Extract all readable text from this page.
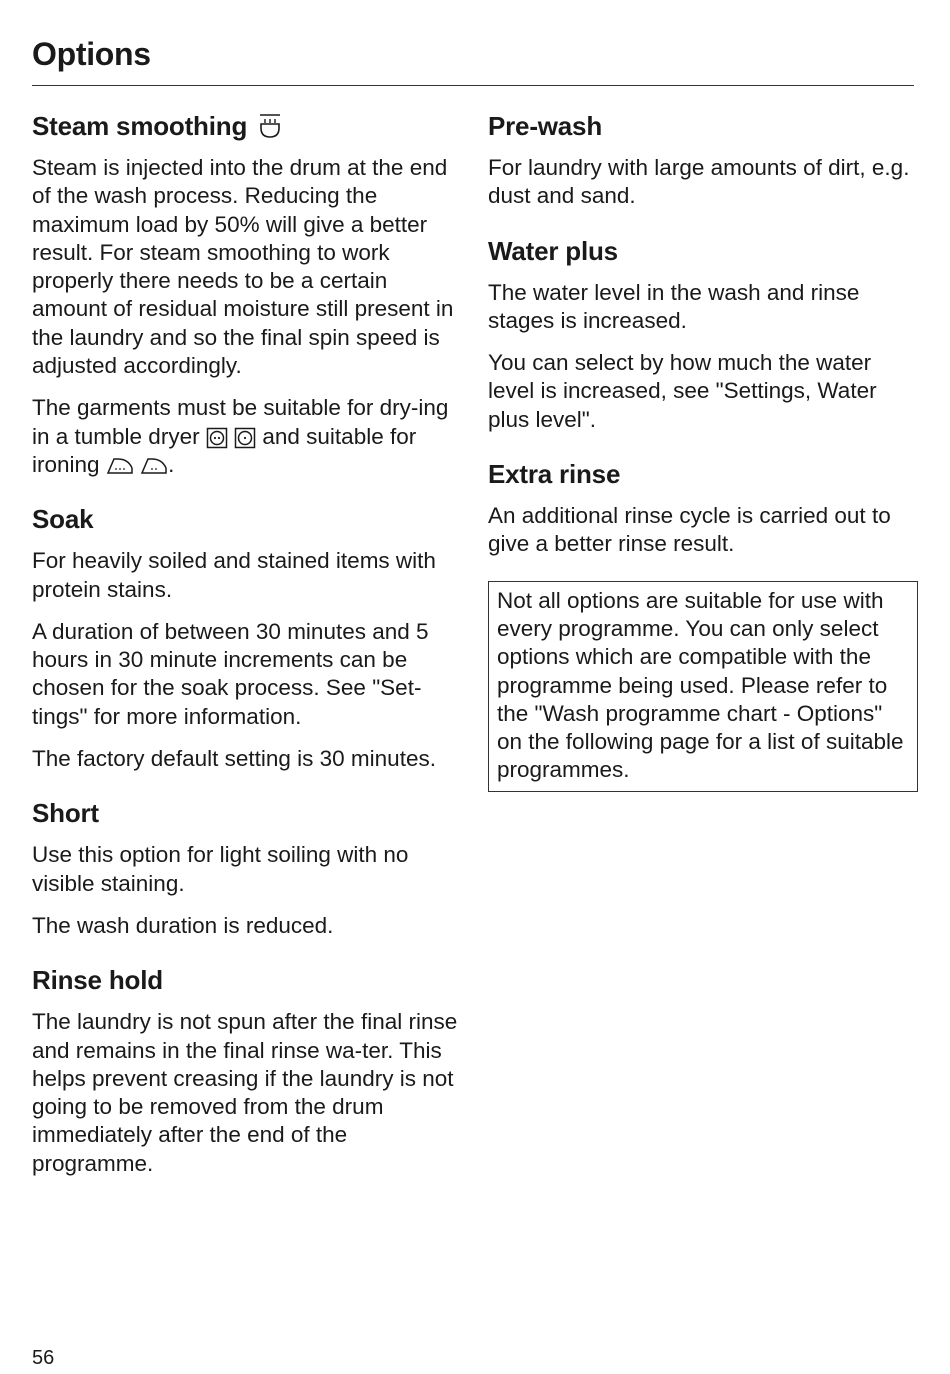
Options
Steam smoothing

Steam is injected into the drum at the end of the wash process. Reducing the maximum load by 50% will give a better result. For steam smoothing to work properly there needs to be a certain amount of residual moisture still present in the laundry and so the final spin speed is adjusted accordingly.

The garments must be suitable for dry-ing in a tumble dryer	and suitable for ironing	.

Soak

For heavily soiled and stained items with protein stains.

A duration of between 30 minutes and 5 hours in 30 minute increments can be chosen for the soak process. See "Set-tings" for more information.

The factory default setting is 30 minutes.

Short

Use this option for light soiling with no visible staining.

The wash duration is reduced.

Rinse hold

The laundry is not spun after the final rinse and remains in the final rinse wa-ter. This helps prevent creasing if the laundry is not going to be removed from the drum immediately after the end of the programme.

Pre-wash

For laundry with large amounts of dirt, e.g. dust and sand.

Water plus

The water level in the wash and rinse stages is increased.

You can select by how much the water level is increased, see "Settings, Water plus level".

Extra rinse

An additional rinse cycle is carried out to give a better rinse result.

Not all options are suitable for use with every programme. You can only select options which are compatible with the programme being used. Please refer to the "Wash programme chart - Options" on the following page for a list of suitable programmes.
56
